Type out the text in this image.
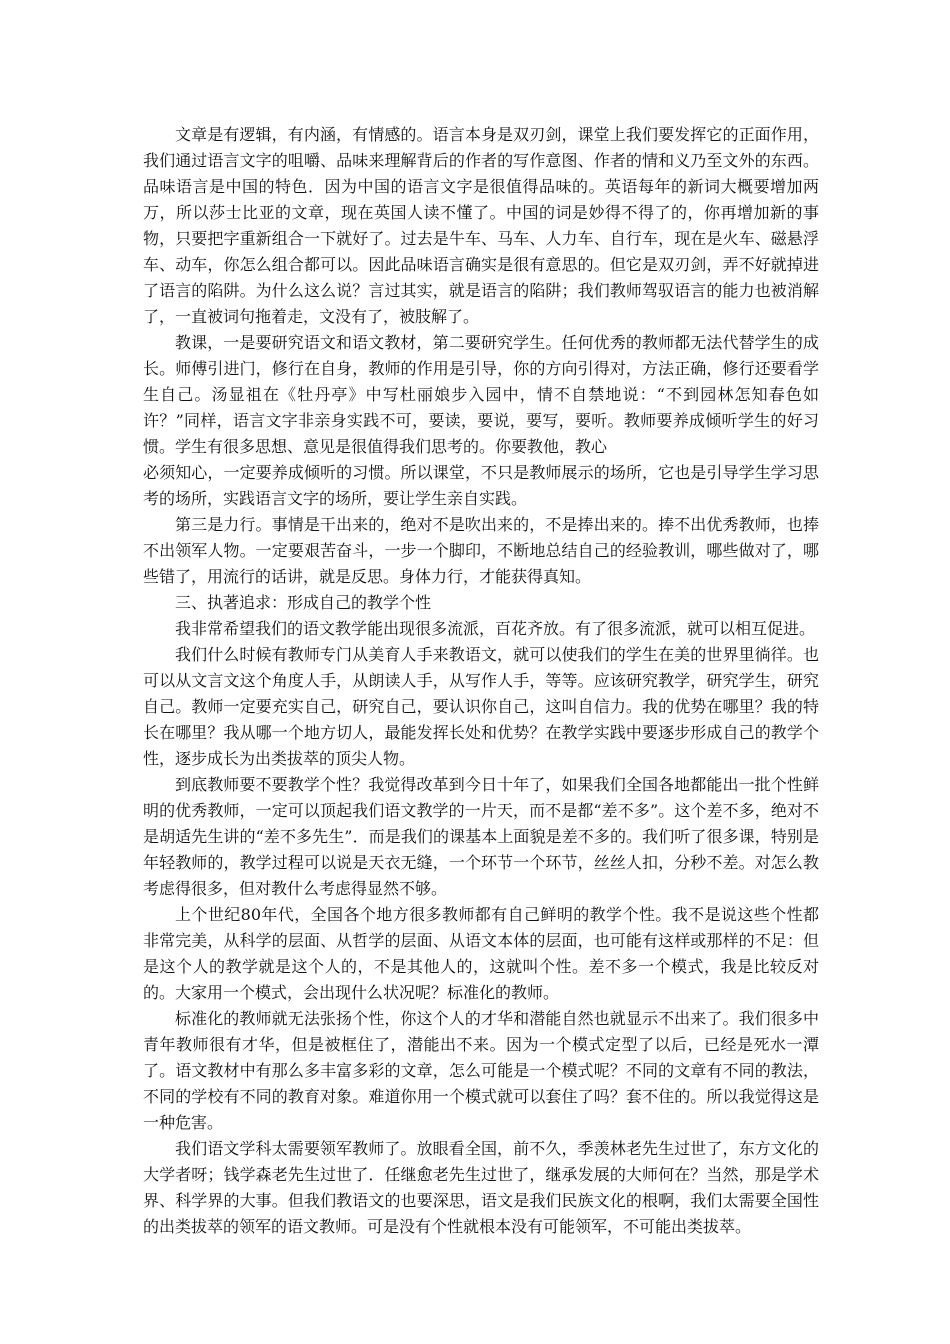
文章是有逻辑，有内涵，有情感的。语言本身是双刃剑，课堂上我们要发挥它的正面作用，我们通过语言文字的咀嚼、品味来理解背后的作者的写作意图、作者的情和义乃至文外的东西。品味语言是中国的特色．因为中国的语言文字是很值得品味的。英语每年的新词大概要增加两万，所以莎士比亚的文章，现在英国人读不懂了。中国的词是妙得不得了的，你再增加新的事物，只要把字重新组合一下就好了。过去是牛车、马车、人力车、自行车，现在是火车、磁悬浮车、动车，你怎么组合都可以。因此品味语言确实是很有意思的。但它是双刃剑，弄不好就掉进了语言的陷阱。为什么这么说？言过其实，就是语言的陷阱；我们教师驾驭语言的能力也被消解了，一直被词句拖着走，文没有了，被肢解了。

教课，一是要研究语文和语文教材，第二要研究学生。任何优秀的教师都无法代替学生的成长。师傅引进门，修行在自身，教师的作用是引导，你的方向引得对，方法正确，修行还要看学生自己。汤显祖在《牡丹亭》中写杜丽娘步入园中，情不自禁地说：“不到园林怎知春色如许？”同样，语言文字非亲身实践不可，要读，要说，要写，要听。教师要养成倾听学生的好习惯。学生有很多思想、意见是很值得我们思考的。你要教他，教心

必须知心，一定要养成倾听的习惯。所以课堂，不只是教师展示的场所，它也是引导学生学习思考的场所，实践语言文字的场所，要让学生亲自实践。

第三是力行。事情是干出来的，绝对不是吹出来的，不是捧出来的。捧不出优秀教师，也捧不出领军人物。一定要艰苦奋斗，一步一个脚印，不断地总结自己的经验教训，哪些做对了，哪些错了，用流行的话讲，就是反思。身体力行，才能获得真知。

三、执著追求：形成自己的教学个性

我非常希望我们的语文教学能出现很多流派，百花齐放。有了很多流派，就可以相互促进。

我们什么时候有教师专门从美育人手来教语文，就可以使我们的学生在美的世界里徜徉。也可以从文言文这个角度人手，从朗读人手，从写作人手，等等。应该研究教学，研究学生，研究自己。教师一定要充实自己，研究自己，要认识你自己，这叫自信力。我的优势在哪里？我的特长在哪里？我从哪一个地方切人，最能发挥长处和优势？在教学实践中要逐步形成自己的教学个性，逐步成长为出类拔萃的顶尖人物。

到底教师要不要教学个性？我觉得改革到今日十年了，如果我们全国各地都能出一批个性鲜明的优秀教师，一定可以顶起我们语文教学的一片天，而不是都“差不多”。这个差不多，绝对不是胡适先生讲的“差不多先生”．而是我们的课基本上面貌是差不多的。我们听了很多课，特别是年轻教师的，教学过程可以说是天衣无缝，一个环节一个环节，丝丝人扣，分秒不差。对怎么教考虑得很多，但对教什么考虑得显然不够。

上个世纪80年代，全国各个地方很多教师都有自己鲜明的教学个性。我不是说这些个性都非常完美，从科学的层面、从哲学的层面、从语文本体的层面，也可能有这样或那样的不足：但是这个人的教学就是这个人的，不是其他人的，这就叫个性。差不多一个模式，我是比较反对的。大家用一个模式，会出现什么状况呢？标准化的教师。

标准化的教师就无法张扬个性，你这个人的才华和潜能自然也就显示不出来了。我们很多中青年教师很有才华，但是被框住了，潜能出不来。因为一个模式定型了以后，已经是死水一潭了。语文教材中有那么多丰富多彩的文章，怎么可能是一个模式呢？不同的文章有不同的教法，不同的学校有不同的教育对象。难道你用一个模式就可以套住了吗？套不住的。所以我觉得这是一种危害。

我们语文学科太需要领军教师了。放眼看全国，前不久，季羡林老先生过世了，东方文化的大学者呀；钱学森老先生过世了．任继愈老先生过世了，继承发展的大师何在？当然，那是学术界、科学界的大事。但我们教语文的也要深思，语文是我们民族文化的根啊，我们太需要全国性的出类拔萃的领军的语文教师。可是没有个性就根本没有可能领军，不可能出类拔萃。
